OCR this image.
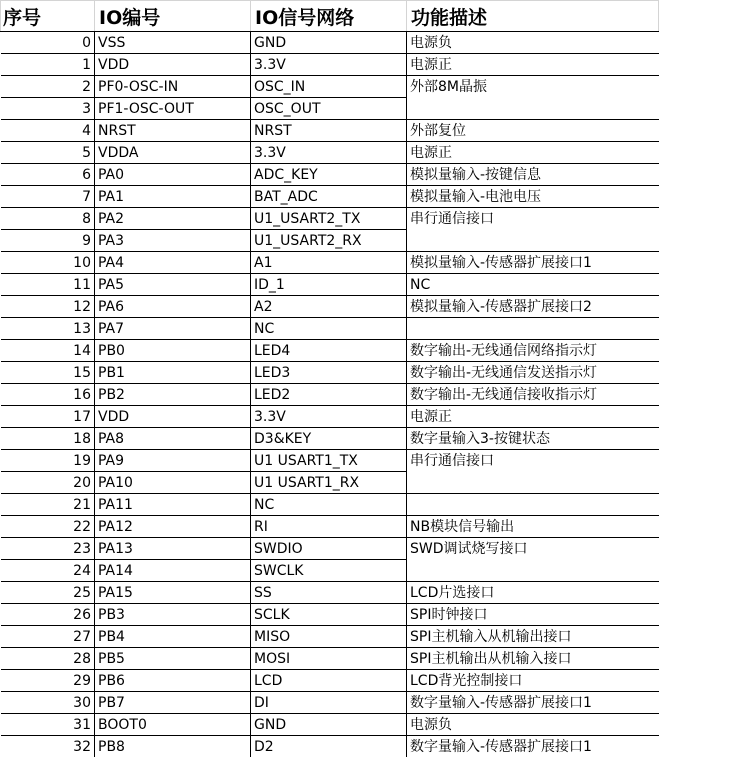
序号	IO编号	IO信号网络	功能描述
0	VSS	GND	电源负
1	VDD	3.3V	电源正
2	PF0-OSC-IN	OSC_IN	外部8M晶振
3	PF1-OSC-OUT	OSC_OUT	
4	NRST	NRST	外部复位
5	VDDA	3.3V	电源正
6	PA0	ADC_KEY	模拟量输入-按键信息
7	PA1	BAT_ADC	模拟量输入-电池电压
8	PA2	U1_USART2_TX	串行通信接口
9	PA3	U1_USART2_RX	
10	PA4	A1	模拟量输入-传感器扩展接口1
11	PA5	ID_1	NC
12	PA6	A2	模拟量输入-传感器扩展接口2
13	PA7	NC	
14	PB0	LED4	数字输出-无线通信网络指示灯
15	PB1	LED3	数字输出-无线通信发送指示灯
16	PB2	LED2	数字输出-无线通信接收指示灯
17	VDD	3.3V	电源正
18	PA8	D3&KEY	数字量输入3-按键状态
19	PA9	U1 USART1_TX	串行通信接口
20	PA10	U1 USART1_RX	
21	PA11	NC	
22	PA12	RI	NB模块信号输出
23	PA13	SWDIO	SWD调试烧写接口
24	PA14	SWCLK	
25	PA15	SS	LCD片选接口
26	PB3	SCLK	SPI时钟接口
27	PB4	MISO	SPI主机输入从机输出接口
28	PB5	MOSI	SPI主机输出从机输入接口
29	PB6	LCD	LCD背光控制接口
30	PB7	DI	数字量输入-传感器扩展接口1
31	BOOT0	GND	电源负
32	PB8	D2	数字量输入-传感器扩展接口1
